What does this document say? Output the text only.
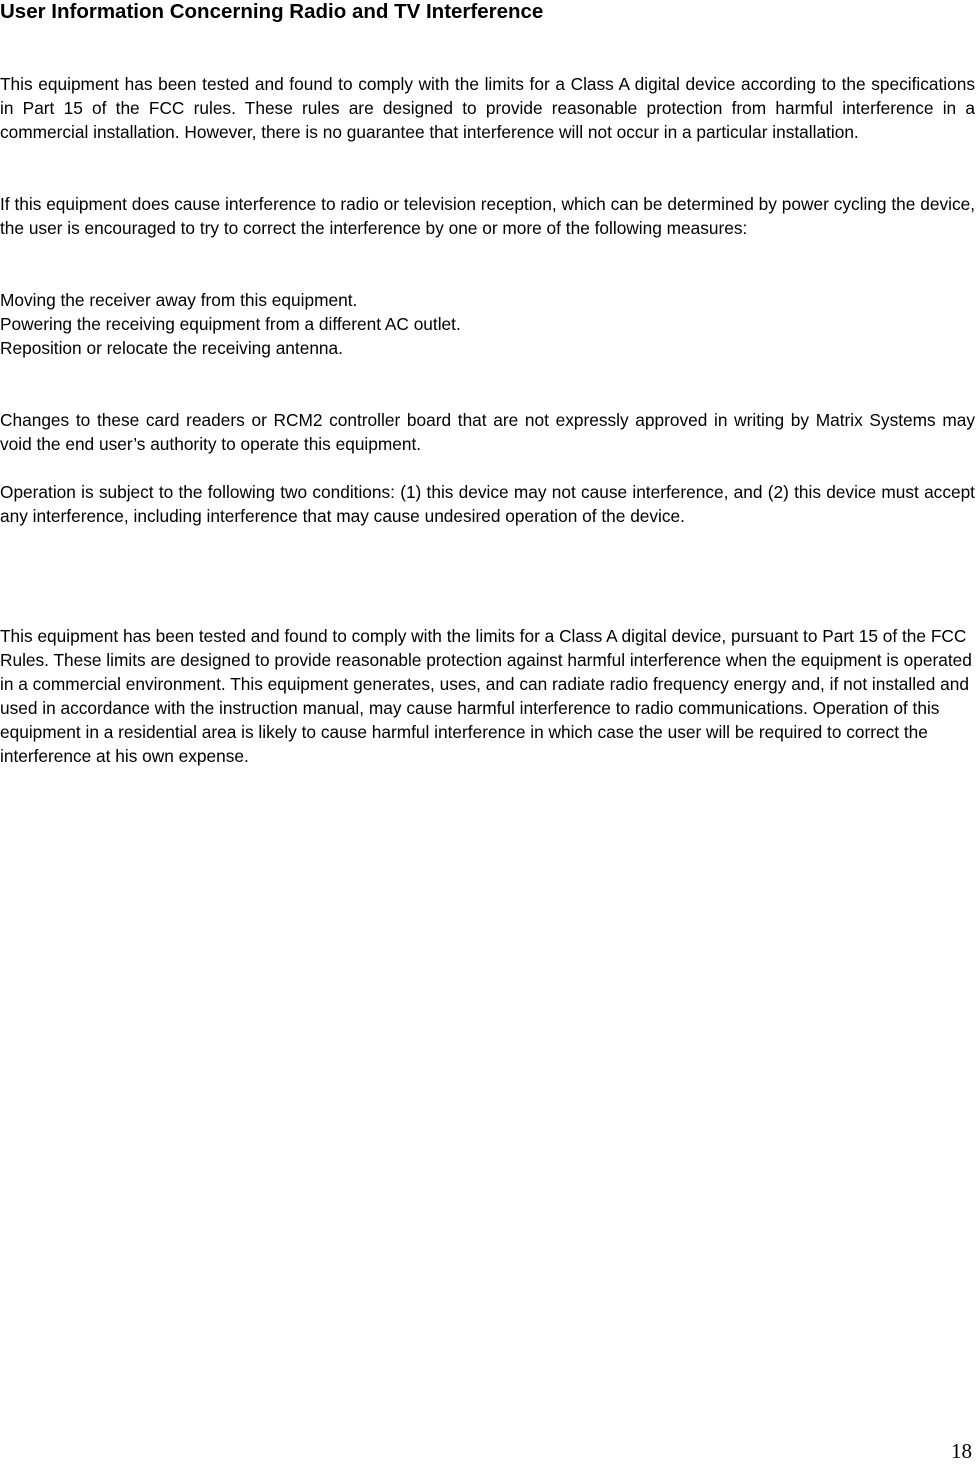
User Information Concerning Radio and TV Interference

This equipment has been tested and found to comply with the limits for a Class A digital device according to the specifications in Part 15 of the FCC rules. These rules are designed to provide reasonable protection from harmful interference in a commercial installation. However, there is no guarantee that interference will not occur in a particular installation.

If this equipment does cause interference to radio or television reception, which can be determined by power cycling the device, the user is encouraged to try to correct the interference by one or more of the following measures:

Moving the receiver away from this equipment.
Powering the receiving equipment from a different AC outlet.
Reposition or relocate the receiving antenna.

Changes to these card readers or RCM2 controller board that are not expressly approved in writing by Matrix Systems may void the end user’s authority to operate this equipment.

Operation is subject to the following two conditions: (1) this device may not cause interference, and (2) this device must accept any interference, including interference that may cause undesired operation of the device.

This equipment has been tested and found to comply with the limits for a Class A digital device, pursuant to Part 15 of the FCC Rules. These limits are designed to provide reasonable protection against harmful interference when the equipment is operated in a commercial environment. This equipment generates, uses, and can radiate radio frequency energy and, if not installed and used in accordance with the instruction manual, may cause harmful interference to radio communications. Operation of this equipment in a residential area is likely to cause harmful interference in which case the user will be required to correct the interference at his own expense.

18
